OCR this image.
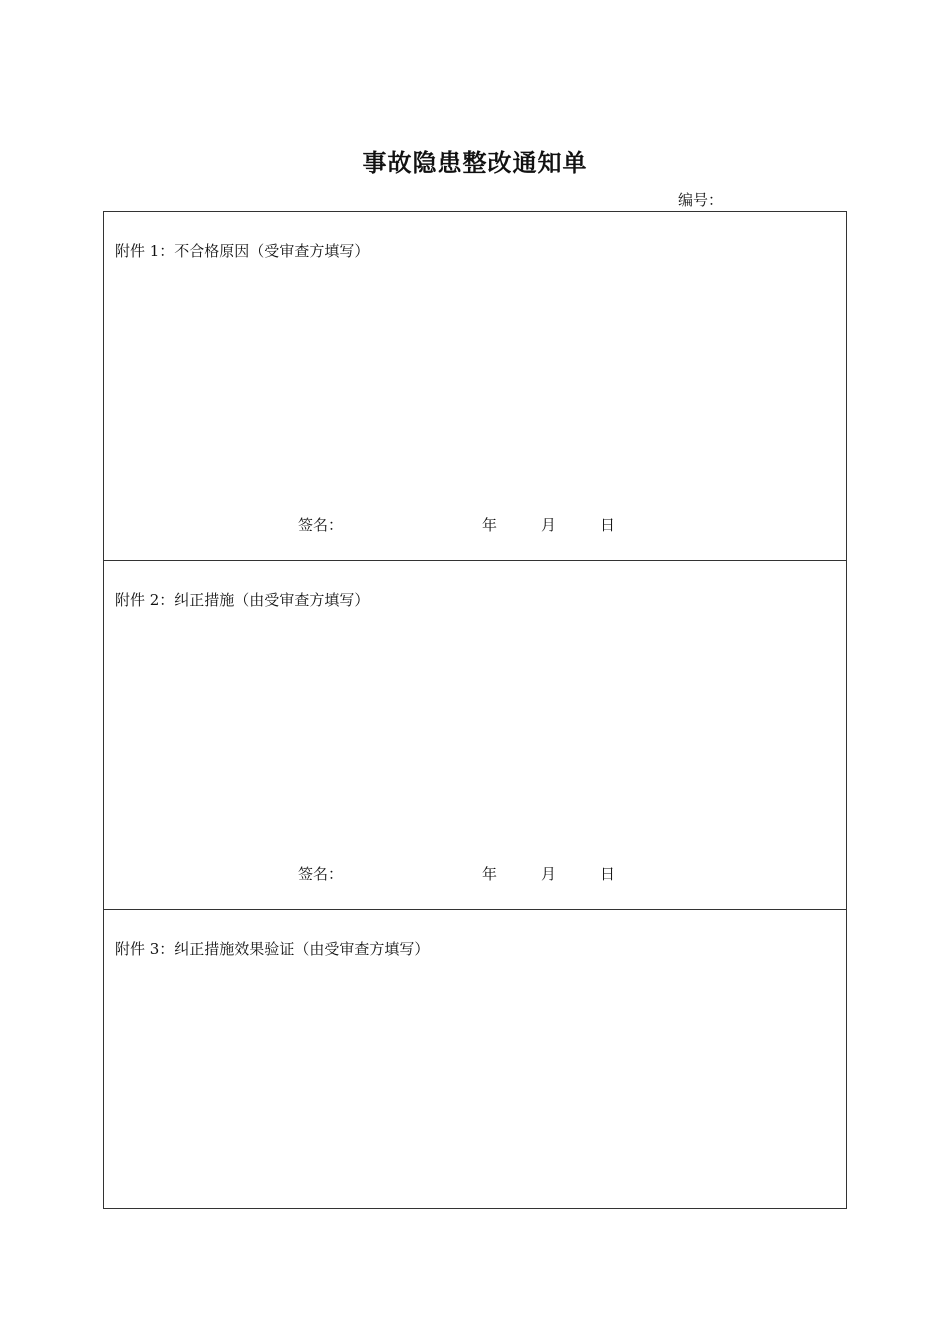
事故隐患整改通知单
编号：
附件 1：不合格原因（受审查方填写）
签名：	年	月	日
附件 2：纠正措施（由受审查方填写）
签名：	年	月	日
附件 3：纠正措施效果验证（由受审查方填写）
